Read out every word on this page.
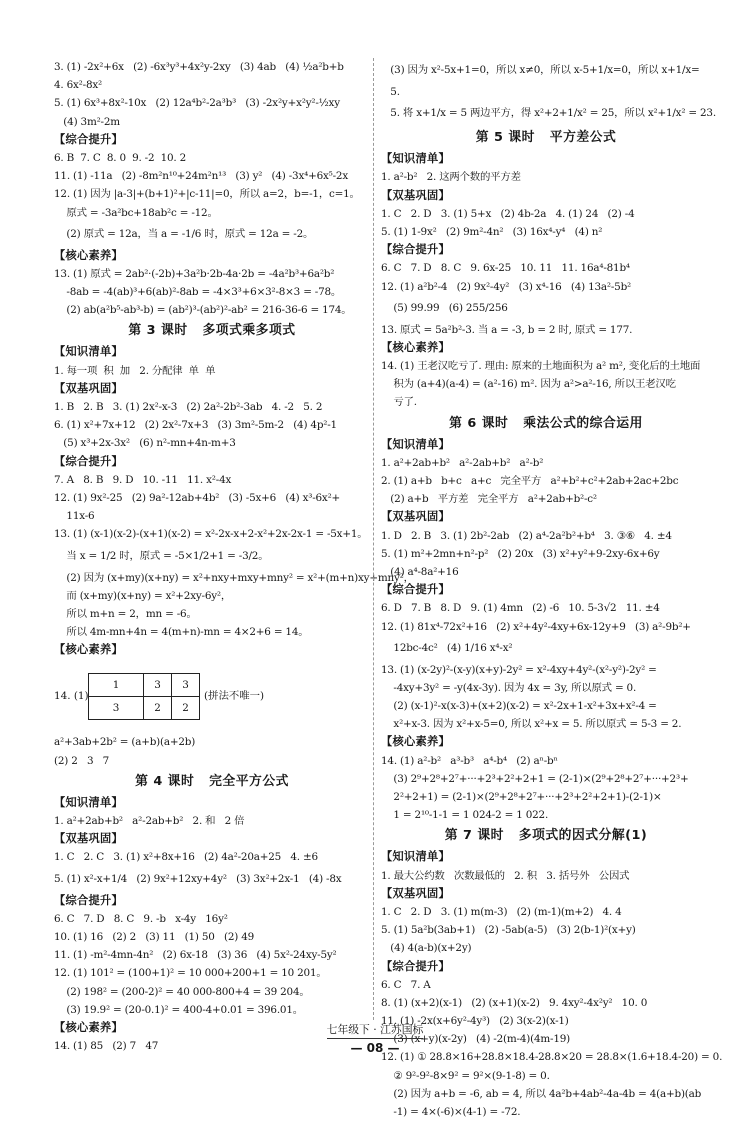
3. (1) -2x²+6x   (2) -6x³y³+4x²y-2xy   (3) 4ab   (4) ½a²b+b
4. 6x²-8x²
5. (1) 6x³+8x²-10x   (2) 12a⁴b²-2a³b³   (3) -2x²y+x²y²-½xy
(4) 3m²-2m
【综合提升】
6. B  7. C  8. 0  9. -2  10. 2
11. (1) -11a   (2) -8m²n¹⁰+24m²n¹³   (3) y²   (4) -3x⁴+6x⁵-2x
12. (1) 因为 |a-3|+(b+1)²+|c-11|=0，所以 a=2，b=-1，c=1。
原式 = -3a²bc+18ab²c = -12。
(2) 原式 = 12a，当 a = -1/6 时，原式 = 12a = -2。
【核心素养】
13. (1) 原式 = 2ab²·(-2b)+3a²b·2b-4a·2b = -4a²b³+6a²b²
-8ab = -4(ab)³+6(ab)²-8ab = -4×3³+6×3²-8×3 = -78。
(2) ab(a²b⁵-ab³-b) = (ab²)³-(ab²)²-ab² = 216-36-6 = 174。
第 3 课时   多项式乘多项式
【知识清单】
1. 每一项  积  加   2. 分配律  单  单
【双基巩固】
1. B   2. B   3. (1) 2x²-x-3   (2) 2a²-2b²-3ab   4. -2   5. 2
6. (1) x²+7x+12   (2) 2x²-7x+3   (3) 3m²-5m-2   (4) 4p²-1
(5) x³+2x-3x²   (6) n²-mn+4n-m+3
【综合提升】
7. A   8. B   9. D   10. -11   11. x²-4x
12. (1) 9x²-25   (2) 9a²-12ab+4b²   (3) -5x+6   (4) x³-6x²+
11x-6
13. (1) (x-1)(x-2)-(x+1)(x-2) = x²-2x-x+2-x²+2x-2x-1 = -5x+1。
当 x = 1/2 时，原式 = -5×1/2+1 = -3/2。
(2) 因为 (x+my)(x+ny) = x²+nxy+mxy+mny² = x²+(m+n)xy+mny²，
而 (x+my)(x+ny) = x²+2xy-6y²，
所以 m+n = 2，mn = -6。
所以 4m-mn+4n = 4(m+n)-mn = 4×2+6 = 14。
【核心素养】
14. (1)
1	3	3
3	2	2
(拼法不唯一)
a²+3ab+2b² = (a+b)(a+2b)
(2) 2   3   7
第 4 课时   完全平方公式
【知识清单】
1. a²+2ab+b²   a²-2ab+b²   2. 和   2 倍
【双基巩固】
1. C   2. C   3. (1) x²+8x+16   (2) 4a²-20a+25   4. ±6
5. (1) x²-x+1/4   (2) 9x²+12xy+4y²   (3) 3x²+2x-1   (4) -8x
【综合提升】
6. C   7. D   8. C   9. -b   x-4y   16y²
10. (1) 16   (2) 2   (3) 11   (1) 50   (2) 49
11. (1) -m²-4mn-4n²   (2) 6x-18   (3) 36   (4) 5x²-24xy-5y²
12. (1) 101² = (100+1)² = 10 000+200+1 = 10 201。
(2) 198² = (200-2)² = 40 000-800+4 = 39 204。
(3) 19.9² = (20-0.1)² = 400-4+0.01 = 396.01。
【核心素养】
14. (1) 85   (2) 7   47
(3) 因为 x²-5x+1=0，所以 x≠0，所以 x-5+1/x=0，所以 x+1/x=
5.
5. 将 x+1/x = 5 两边平方，得 x²+2+1/x² = 25，所以 x²+1/x² = 23.
第 5 课时   平方差公式
【知识清单】
1. a²-b²   2. 这两个数的平方差
【双基巩固】
1. C   2. D   3. (1) 5+x   (2) 4b-2a   4. (1) 24   (2) -4
5. (1) 1-9x²   (2) 9m²-4n²   (3) 16x⁴-y⁴   (4) n²
【综合提升】
6. C   7. D   8. C   9. 6x-25   10. 11   11. 16a⁴-81b⁴
12. (1) a²b²-4   (2) 9x²-4y²   (3) x⁴-16   (4) 13a²-5b²
(5) 99.99   (6) 255/256
13. 原式 = 5a²b²-3. 当 a = -3, b = 2 时, 原式 = 177.
【核心素养】
14. (1) 王老汉吃亏了. 理由: 原来的土地面积为 a² m², 变化后的土地面
积为 (a+4)(a-4) = (a²-16) m². 因为 a²>a²-16, 所以王老汉吃
亏了.
第 6 课时   乘法公式的综合运用
【知识清单】
1. a²+2ab+b²   a²-2ab+b²   a²-b²
2. (1) a+b   b+c   a+c   完全平方   a²+b²+c²+2ab+2ac+2bc
(2) a+b   平方差   完全平方   a²+2ab+b²-c²
【双基巩固】
1. D   2. B   3. (1) 2b²-2ab   (2) a⁴-2a²b²+b⁴   3. ③⑥   4. ±4
5. (1) m²+2mn+n²-p²   (2) 20x   (3) x²+y²+9-2xy-6x+6y
(4) a⁴-8a²+16
【综合提升】
6. D   7. B   8. D   9. (1) 4mn   (2) -6   10. 5-3√2   11. ±4
12. (1) 81x⁴-72x²+16   (2) x²+4y²-4xy+6x-12y+9   (3) a²-9b²+
12bc-4c²   (4) 1/16 x⁴-x²
13. (1) (x-2y)²-(x-y)(x+y)-2y² = x²-4xy+4y²-(x²-y²)-2y² =
-4xy+3y² = -y(4x-3y). 因为 4x = 3y, 所以原式 = 0.
(2) (x-1)²-x(x-3)+(x+2)(x-2) = x²-2x+1-x²+3x+x²-4 =
x²+x-3. 因为 x²+x-5=0, 所以 x²+x = 5. 所以原式 = 5-3 = 2.
【核心素养】
14. (1) a²-b²   a³-b³   a⁴-b⁴   (2) aⁿ-bⁿ
(3) 2⁹+2⁸+2⁷+···+2³+2²+2+1 = (2-1)×(2⁹+2⁸+2⁷+···+2³+
2²+2+1) = (2-1)×(2⁹+2⁸+2⁷+···+2³+2²+2+1)-(2-1)×
1 = 2¹⁰-1-1 = 1 024-2 = 1 022.
第 7 课时   多项式的因式分解(1)
【知识清单】
1. 最大公约数   次数最低的   2. 积   3. 括号外   公因式
【双基巩固】
1. C   2. D   3. (1) m(m-3)   (2) (m-1)(m+2)   4. 4
5. (1) 5a²b(3ab+1)   (2) -5ab(a-5)   (3) 2(b-1)²(x+y)
(4) 4(a-b)(x+2y)
【综合提升】
6. C   7. A
8. (1) (x+2)(x-1)   (2) (x+1)(x-2)   9. 4xy²-4x²y²   10. 0
11. (1) -2x(x+6y²-4y³)   (2) 3(x-2)(x-1)
(3) (x+y)(x-2y)   (4) -2(m-4)(4m-19)
12. (1) ① 28.8×16+28.8×18.4-28.8×20 = 28.8×(1.6+18.4-20) = 0.
② 9²-9²-8×9² = 9²×(9-1-8) = 0.
(2) 因为 a+b = -6, ab = 4, 所以 4a²b+4ab²-4a-4b = 4(a+b)(ab
-1) = 4×(-6)×(4-1) = -72.
七年级下 · 江苏国标
— 08 —
